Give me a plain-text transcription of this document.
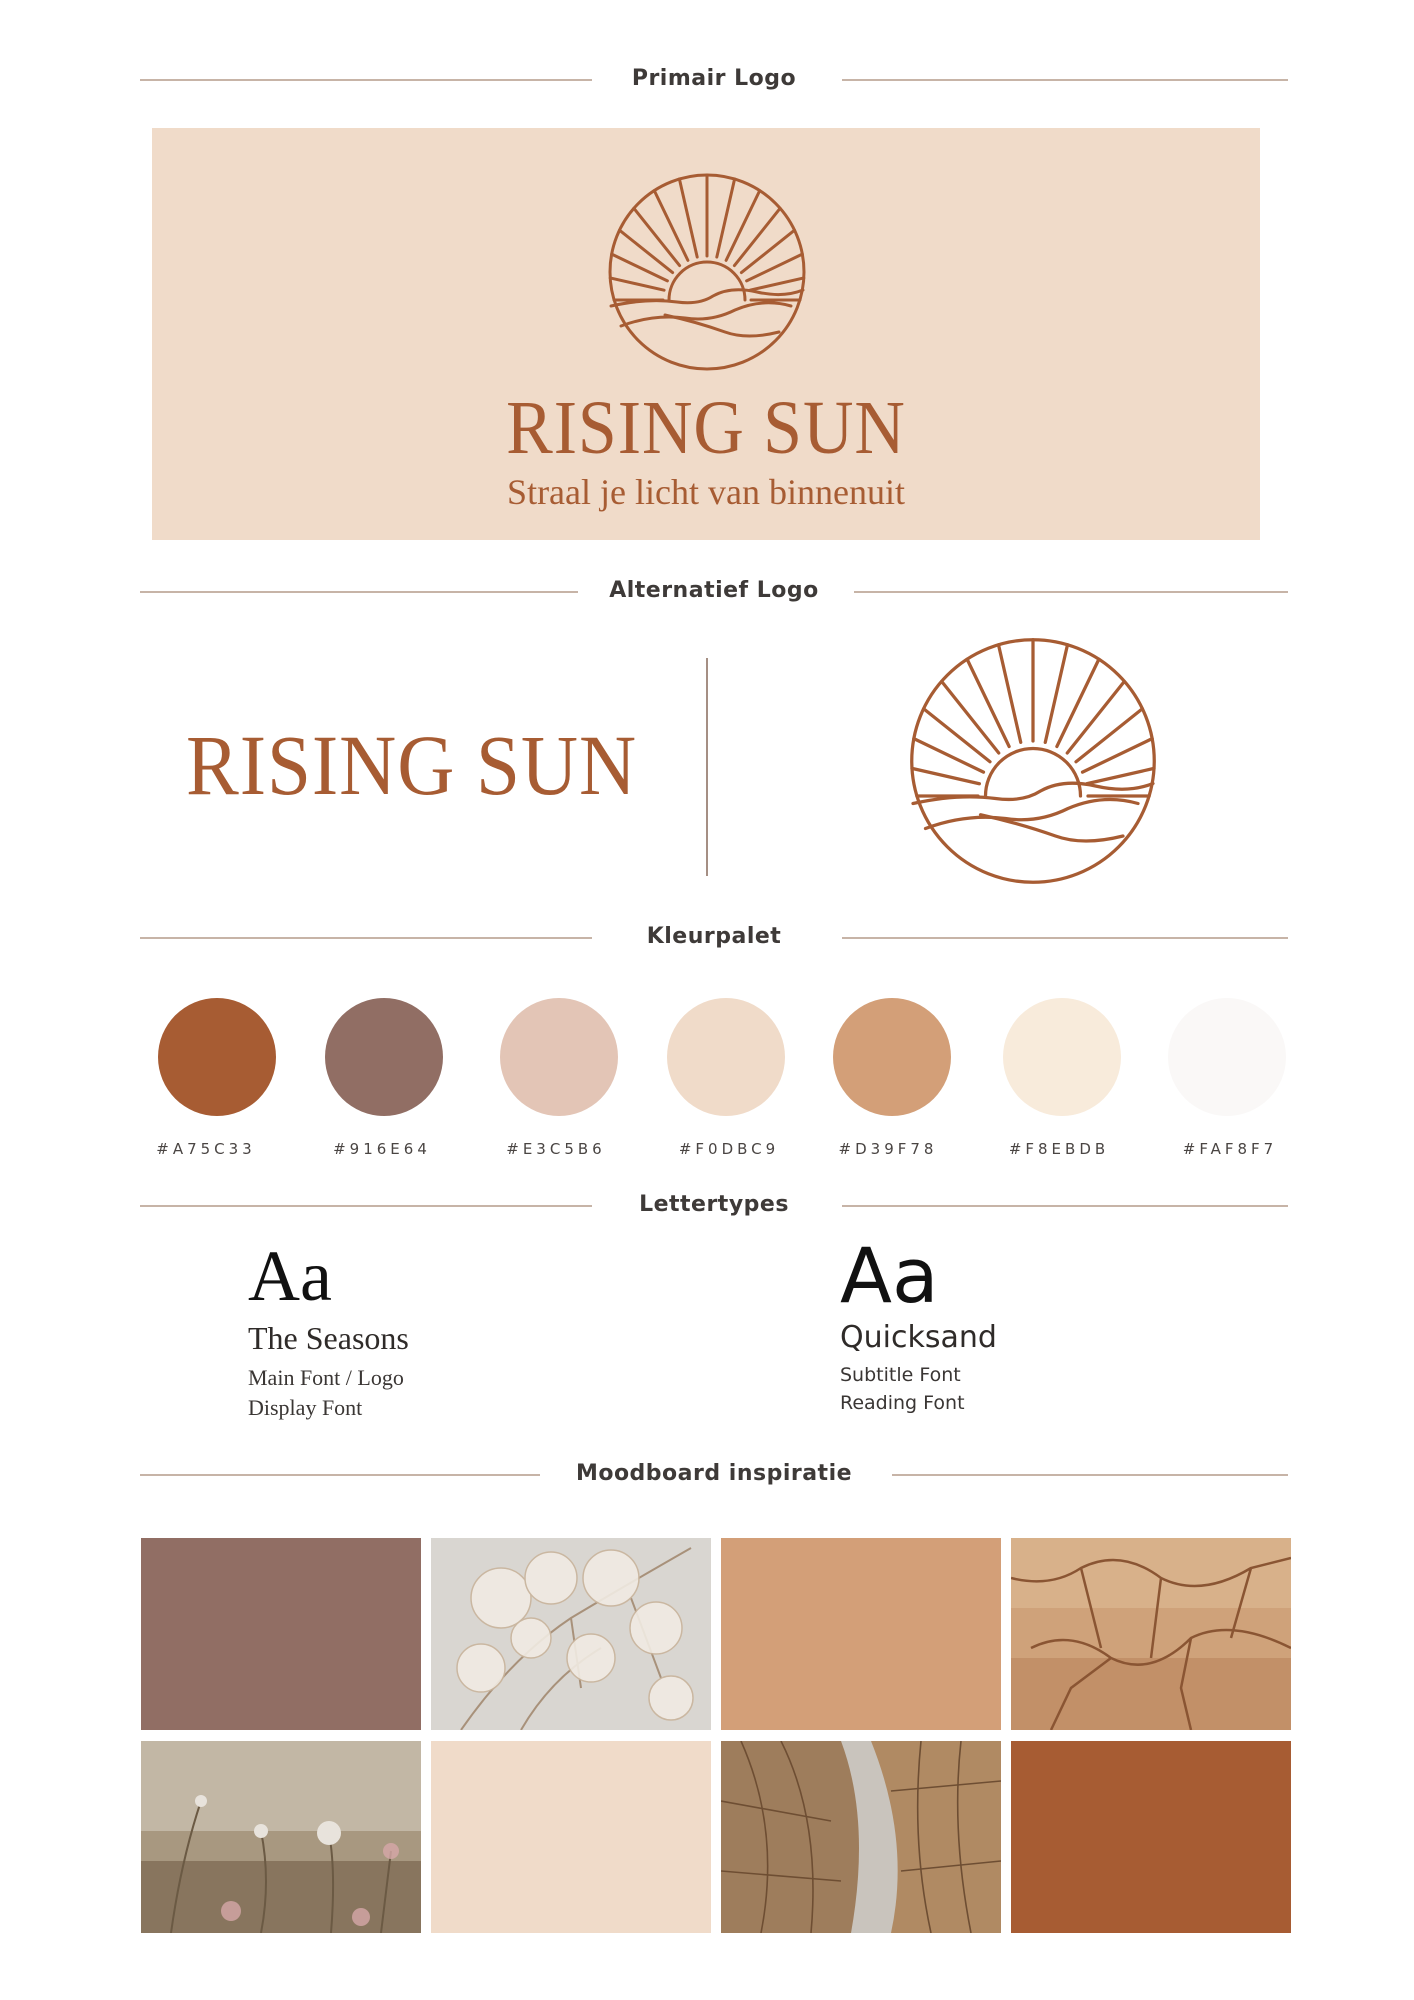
Primair Logo
RISING SUN
Straal je licht van binnenuit
Alternatief Logo
RISING SUN
Kleurpalet
#A75C33	#916E64	#E3C5B6	#F0DBC9	#D39F78	#F8EBDB	#FAF8F7
Lettertypes
Aa
The Seasons
Main Font / Logo
Display Font
Aa
Quicksand
Subtitle Font
Reading Font
Moodboard inspiratie
